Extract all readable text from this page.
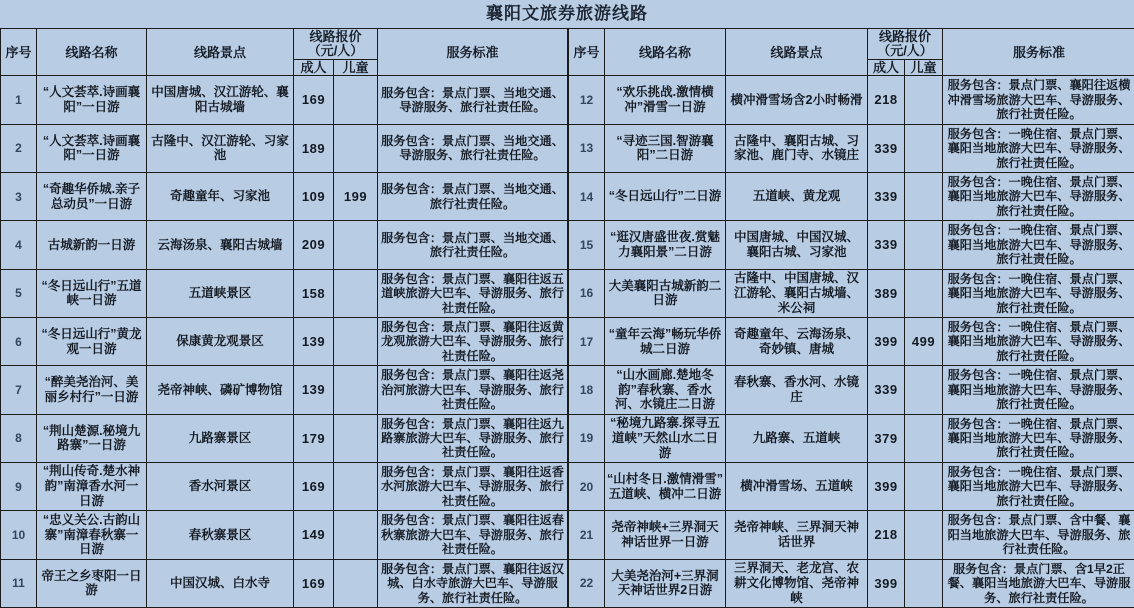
襄阳文旅券旅游线路
序号	线路名称	线路景点	线路报价
（元/人）		服务标准
			成人	儿童	
1	“人文荟萃.诗画襄阳”一日游	中国唐城、汉江游轮、襄阳古城墙	169		服务包含：景点门票、当地交通、导游服务、旅行社责任险。
2	“人文荟萃.诗画襄阳”一日游	古隆中、汉江游轮、习家池	189		服务包含：景点门票、当地交通、导游服务、旅行社责任险。
3	“奇趣华侨城.亲子总动员”一日游	奇趣童年、习家池	109	199	服务包含：景点门票、当地交通、旅行社责任险。
4	古城新韵一日游	云海汤泉、襄阳古城墙	209		服务包含：景点门票、当地交通、旅行社责任险。
5	“冬日远山行”五道峡一日游	五道峡景区	158		服务包含：景点门票、襄阳往返五道峡旅游大巴车、导游服务、旅行社责任险。
6	“冬日远山行”黄龙观一日游	保康黄龙观景区	139		服务包含：景点门票、襄阳往返黄龙观旅游大巴车、导游服务、旅行社责任险。
7	“醉美尧治河、美丽乡村行”一日游	尧帝神峡、磷矿博物馆	139		服务包含：景点门票、襄阳往返尧治河旅游大巴车、导游服务、旅行社责任险。
8	“荆山楚源.秘境九路寨”一日游	九路寨景区	179		服务包含：景点门票、襄阳往返九路寨旅游大巴车、导游服务、旅行社责任险。
9	“荆山传奇.楚水神韵”南漳香水河一日游	香水河景区	169		服务包含：景点门票、襄阳往返香水河旅游大巴车、导游服务、旅行社责任险。
10	“忠义关公.古韵山寨”南漳春秋寨一日游	春秋寨景区	149		服务包含：景点门票、襄阳往返春秋寨旅游大巴车、导游服务、旅行社责任险。
11	帝王之乡枣阳一日游	中国汉城、白水寺	169		服务包含：景点门票、襄阳往返汉城、白水寺旅游大巴车、导游服务、旅行社责任险。
序号	线路名称	线路景点	线路报价
（元/人）		服务标准
			成人	儿童	
12	“欢乐挑战.激情横冲”滑雪一日游	横冲滑雪场含2小时畅滑	218		服务包含：景点门票、襄阳往返横冲滑雪场旅游大巴车、导游服务、旅行社责任险。
13	“寻迹三国.智游襄阳”二日游	古隆中、襄阳古城、习家池、鹿门寺、水镜庄	339		服务包含：一晚住宿、景点门票、襄阳当地旅游大巴车、导游服务、旅行社责任险。
14	“冬日远山行”二日游	五道峡、黄龙观	339		服务包含：一晚住宿、景点门票、襄阳当地旅游大巴车、导游服务、旅行社责任险。
15	“逛汉唐盛世夜.赏魅力襄阳景”二日游	中国唐城、中国汉城、襄阳古城、习家池	339		服务包含：一晚住宿、景点门票、襄阳当地旅游大巴车、导游服务、旅行社责任险。
16	大美襄阳古城新韵二日游	古隆中、中国唐城、汉江游轮、襄阳古城墙、米公祠	389		服务包含：一晚住宿、景点门票、襄阳当地旅游大巴车、导游服务、旅行社责任险。
17	“童年云海”畅玩华侨城二日游	奇趣童年、云海汤泉、奇妙镇、唐城	399	499	服务包含：一晚住宿、景点门票、襄阳当地旅游大巴车、导游服务、旅行社责任险。
18	“山水画廊.楚地冬韵”春秋寨、香水河、水镜庄二日游	春秋寨、香水河、水镜庄	339		服务包含：一晚住宿、景点门票、襄阳当地旅游大巴车、导游服务、旅行社责任险。
19	“秘境九路寨.探寻五道峡”天然山水二日游	九路寨、五道峡	379		服务包含：一晚住宿、景点门票、襄阳当地旅游大巴车、导游服务、旅行社责任险。
20	“山村冬日.激情滑雪” 五道峡、横冲二日游	横冲滑雪场、五道峡	399		服务包含：一晚住宿、景点门票、襄阳当地旅游大巴车、导游服务、旅行社责任险。
21	尧帝神峡+三界洞天神话世界一日游	尧帝神峡、三界洞天神话世界	218		服务包含：景点门票、含中餐、襄阳当地旅游大巴车、导游服务、旅行社责任险。
22	大美尧治河+三界洞天神话世界2日游	三界洞天、老龙宫、农耕文化博物馆、尧帝神峡	399		服务包含：景点门票、含1早2正餐、襄阳当地旅游大巴车、导游服务、旅行社责任险。
